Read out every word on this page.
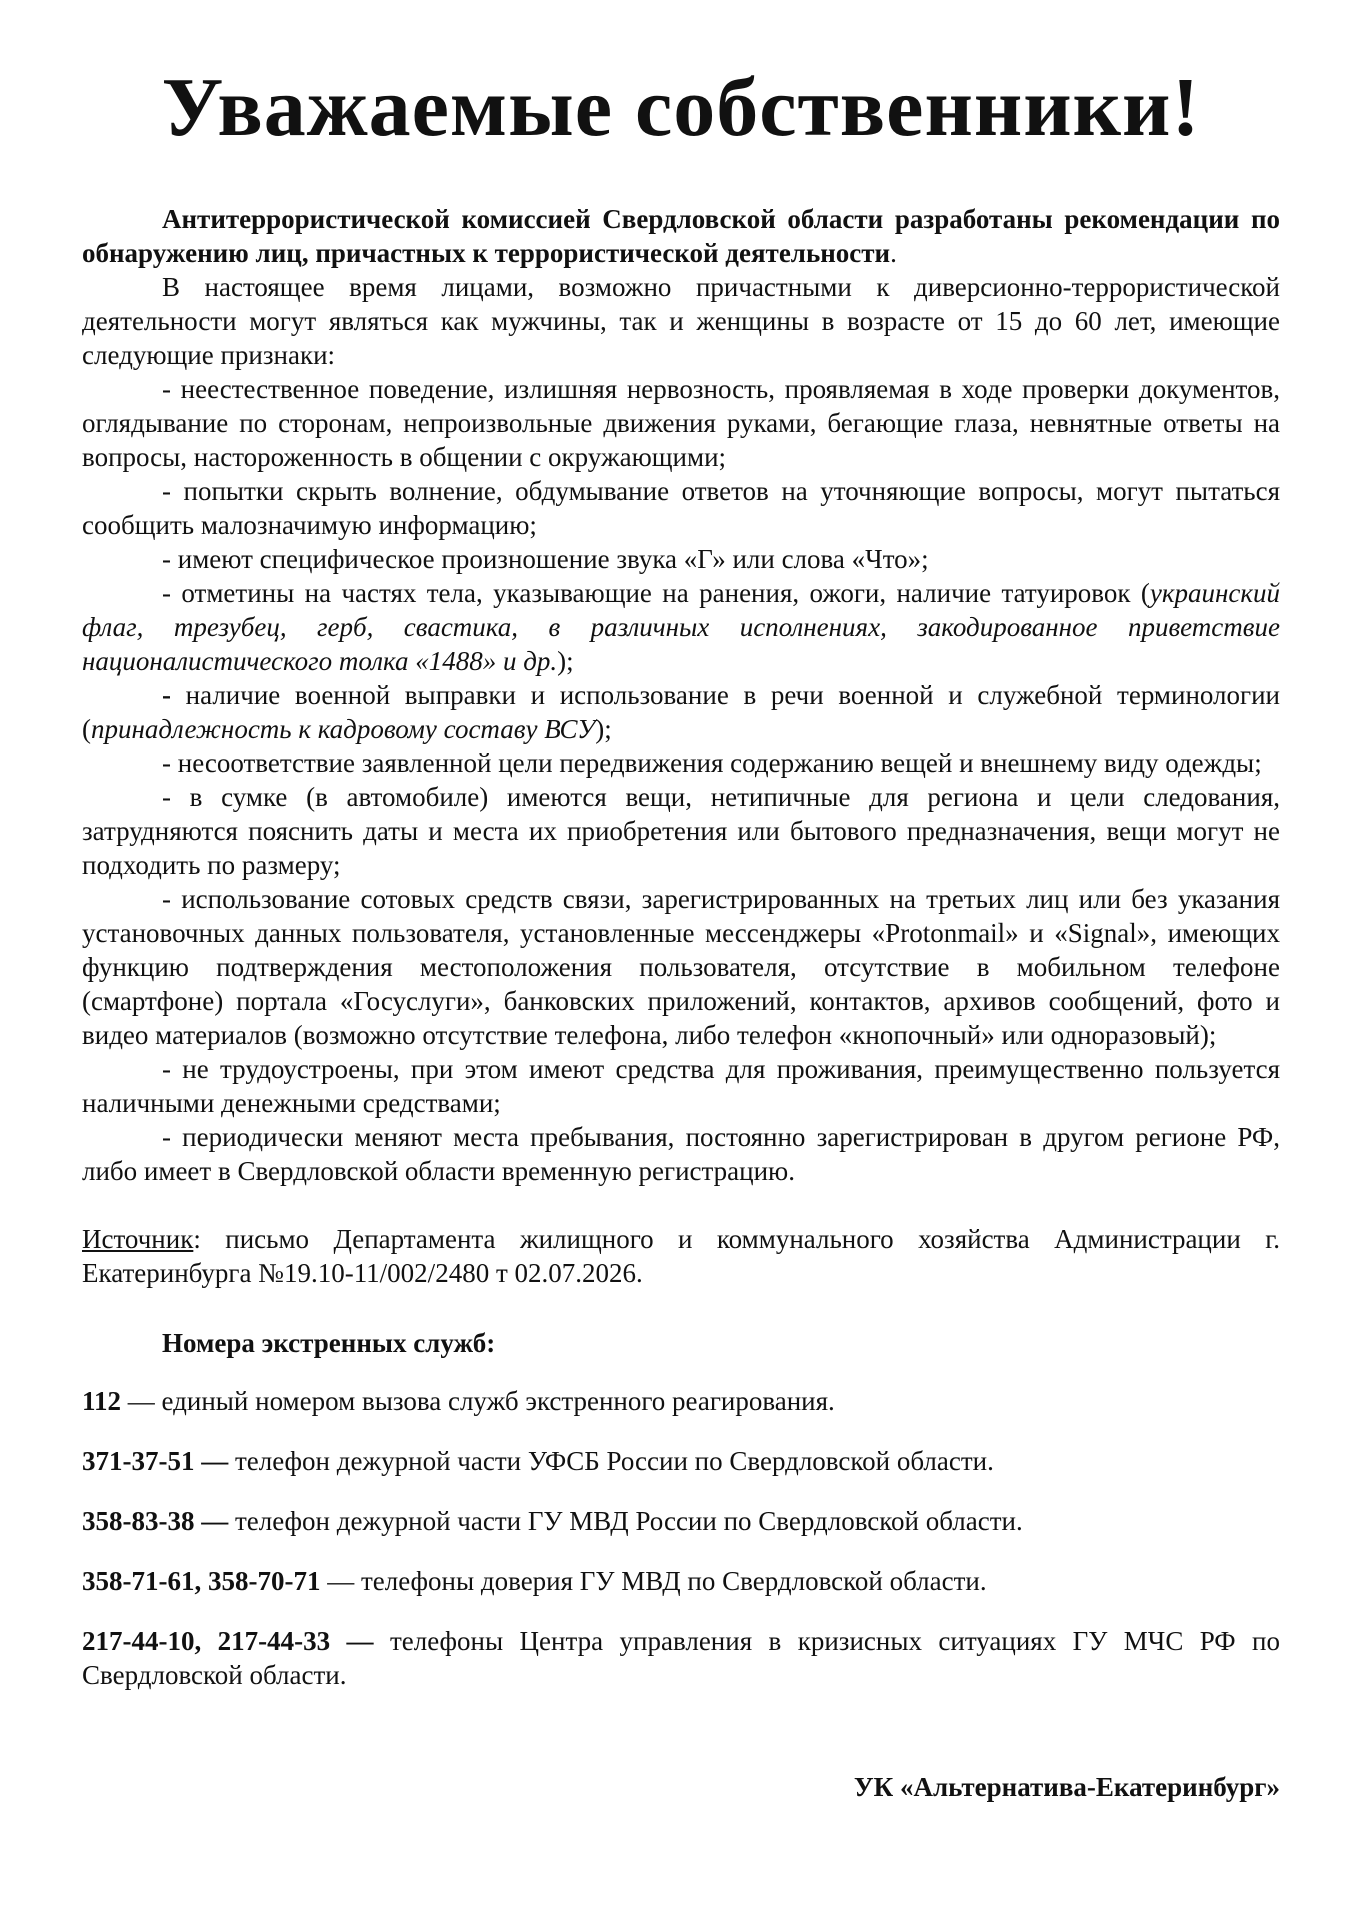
Уважаемые собственники!

Антитеррористической комиссией Свердловской области разработаны рекомендации по обнаружению лиц, причастных к террористической деятельности.

В настоящее время лицами, возможно причастными к диверсионно-террористической деятельности могут являться как мужчины, так и женщины в возрасте от 15 до 60 лет, имеющие следующие признаки:

- неестественное поведение, излишняя нервозность, проявляемая в ходе проверки документов, оглядывание по сторонам, непроизвольные движения руками, бегающие глаза, невнятные ответы на вопросы, настороженность в общении с окружающими;

- попытки скрыть волнение, обдумывание ответов на уточняющие вопросы, могут пытаться сообщить малозначимую информацию;

- имеют специфическое произношение звука «Г» или слова «Что»;

- отметины на частях тела, указывающие на ранения, ожоги, наличие татуировок (украинский флаг, трезубец, герб, свастика, в различных исполнениях, закодированное приветствие националистического толка «1488» и др.);

- наличие военной выправки и использование в речи военной и служебной терминологии (принадлежность к кадровому составу ВСУ);

- несоответствие заявленной цели передвижения содержанию вещей и внешнему виду одежды;

- в сумке (в автомобиле) имеются вещи, нетипичные для региона и цели следования, затрудняются пояснить даты и места их приобретения или бытового предназначения, вещи могут не подходить по размеру;

- использование сотовых средств связи, зарегистрированных на третьих лиц или без указания установочных данных пользователя, установленные мессенджеры «Protonmail» и «Signal», имеющих функцию подтверждения местоположения пользователя, отсутствие в мобильном телефоне (смартфоне) портала «Госуслуги», банковских приложений, контактов, архивов сообщений, фото и видео материалов (возможно отсутствие телефона, либо телефон «кнопочный» или одноразовый);

- не трудоустроены, при этом имеют средства для проживания, преимущественно пользуется наличными денежными средствами;

- периодически меняют места пребывания, постоянно зарегистрирован в другом регионе РФ, либо имеет в Свердловской области временную регистрацию.

Источник: письмо Департамента жилищного и коммунального хозяйства Администрации г. Екатеринбурга №19.10-11/002/2480 т 02.07.2026.

Номера экстренных служб:

112 — единый номером вызова служб экстренного реагирования.

371-37-51 — телефон дежурной части УФСБ России по Свердловской области.

358-83-38 — телефон дежурной части ГУ МВД России по Свердловской области.

358-71-61, 358-70-71 — телефоны доверия ГУ МВД по Свердловской области.

217-44-10, 217-44-33 — телефоны Центра управления в кризисных ситуациях ГУ МЧС РФ по Свердловской области.

УК «Альтернатива-Екатеринбург»
